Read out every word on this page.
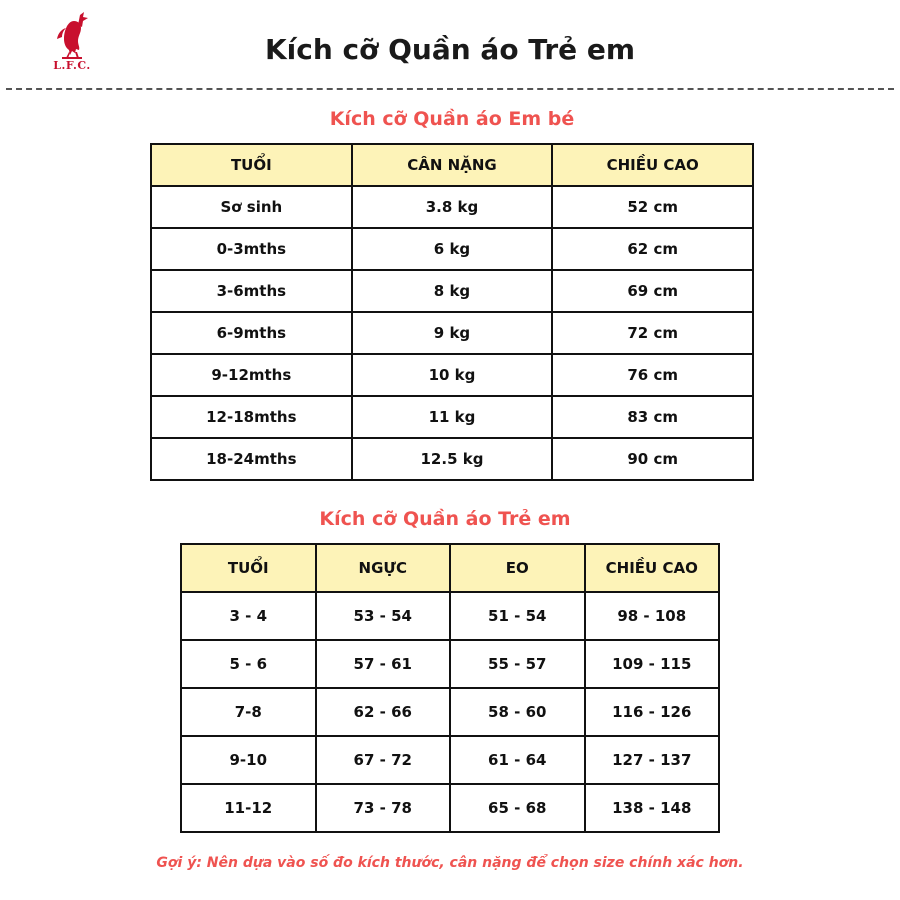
L.F.C.	Kích cỡ Quần áo Trẻ em
Kích cỡ Quần áo Em bé
TUỔI	CÂN NẶNG	CHIỀU CAO
Sơ sinh	3.8 kg	52 cm
0-3mths	6 kg	62 cm
3-6mths	8 kg	69 cm
6-9mths	9 kg	72 cm
9-12mths	10 kg	76 cm
12-18mths	11 kg	83 cm
18-24mths	12.5 kg	90 cm
Kích cỡ Quần áo Trẻ em
TUỔI	NGỰC	EO	CHIỀU CAO
3 - 4	53 - 54	51 - 54	98 - 108
5 - 6	57 - 61	55 - 57	109 - 115
7-8	62 - 66	58 - 60	116 - 126
9-10	67 - 72	61 - 64	127 - 137
11-12	73 - 78	65 - 68	138 - 148
Gợi ý: Nên dựa vào số đo kích thước, cân nặng để chọn size chính xác hơn.
